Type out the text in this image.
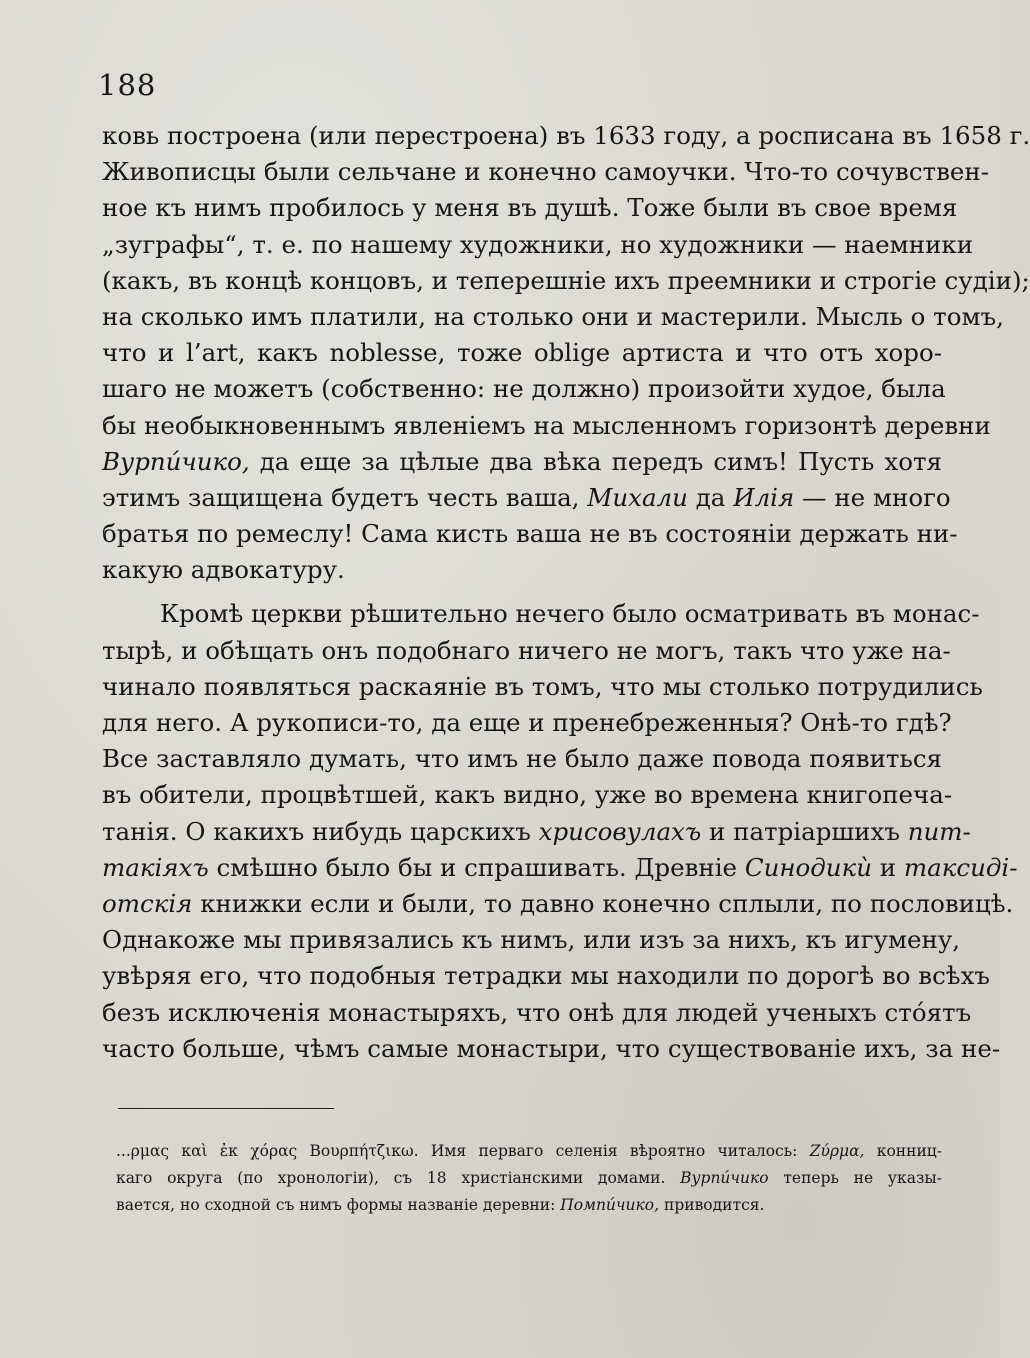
188
ковь построена (или перестроена) въ 1633 году, а росписана въ 1658 г.
Живописцы были сельчане и конечно самоучки. Что-то сочувствен-
ное къ нимъ пробилось у меня въ душѣ. Тоже были въ свое время
„зуграфы“, т. е. по нашему художники, но художники — наемники
(какъ, въ концѣ концовъ, и теперешнiе ихъ преемники и строгiе судiи);
на сколько имъ платили, на столько они и мастерили. Мысль о томъ,
что и l’art, какъ noblesse, тоже oblige артиста и что отъ хоро-
шаго не можетъ (собственно: не должно) произойти худое, была
бы необыкновеннымъ явленiемъ на мысленномъ горизонтѣ деревни
Вурпи́чико, да еще за цѣлые два вѣка передъ симъ! Пусть хотя
этимъ защищена будетъ честь ваша, Михали да Илiя — не много
братья по ремеслу! Сама кисть ваша не въ состоянiи держать ни-
какую адвокатуру.
Кромѣ церкви рѣшительно нечего было осматривать въ монас-
тырѣ, и обѣщать онъ подобнаго ничего не могъ, такъ что уже на-
чинало появляться раскаянiе въ томъ, что мы столько потрудились
для него. А рукописи-то, да еще и пренебреженныя? Онѣ-то гдѣ?
Все заставляло думать, что имъ не было даже повода появиться
въ обители, процвѣтшей, какъ видно, уже во времена книгопеча-
танiя. О какихъ нибудь царскихъ хрисовулахъ и патрiаршихъ пит-
такiяхъ смѣшно было бы и спрашивать. Древнiе Синодикѝ и таксидi-
отскiя книжки если и были, то давно конечно сплыли, по пословицѣ.
Однакоже мы привязались къ нимъ, или изъ за нихъ, къ игумену,
увѣряя его, что подобныя тетрадки мы находили по дорогѣ во всѣхъ
безъ исключенiя монастыряхъ, что онѣ для людей ученыхъ стóятъ
часто больше, чѣмъ самые монастыри, что существованiе ихъ, за не-
...ρμας καὶ ἐκ χόρας Βουρπήτζικω. Имя перваго селенiя вѣроятно читалось: Ζύρμα, конниц-
каго округа (по хронологiи), съ 18 христiанскими домами. Вурпи́чико теперь не указы-
вается, но сходной съ нимъ формы названiе деревни: Помпи́чико, приводится.
